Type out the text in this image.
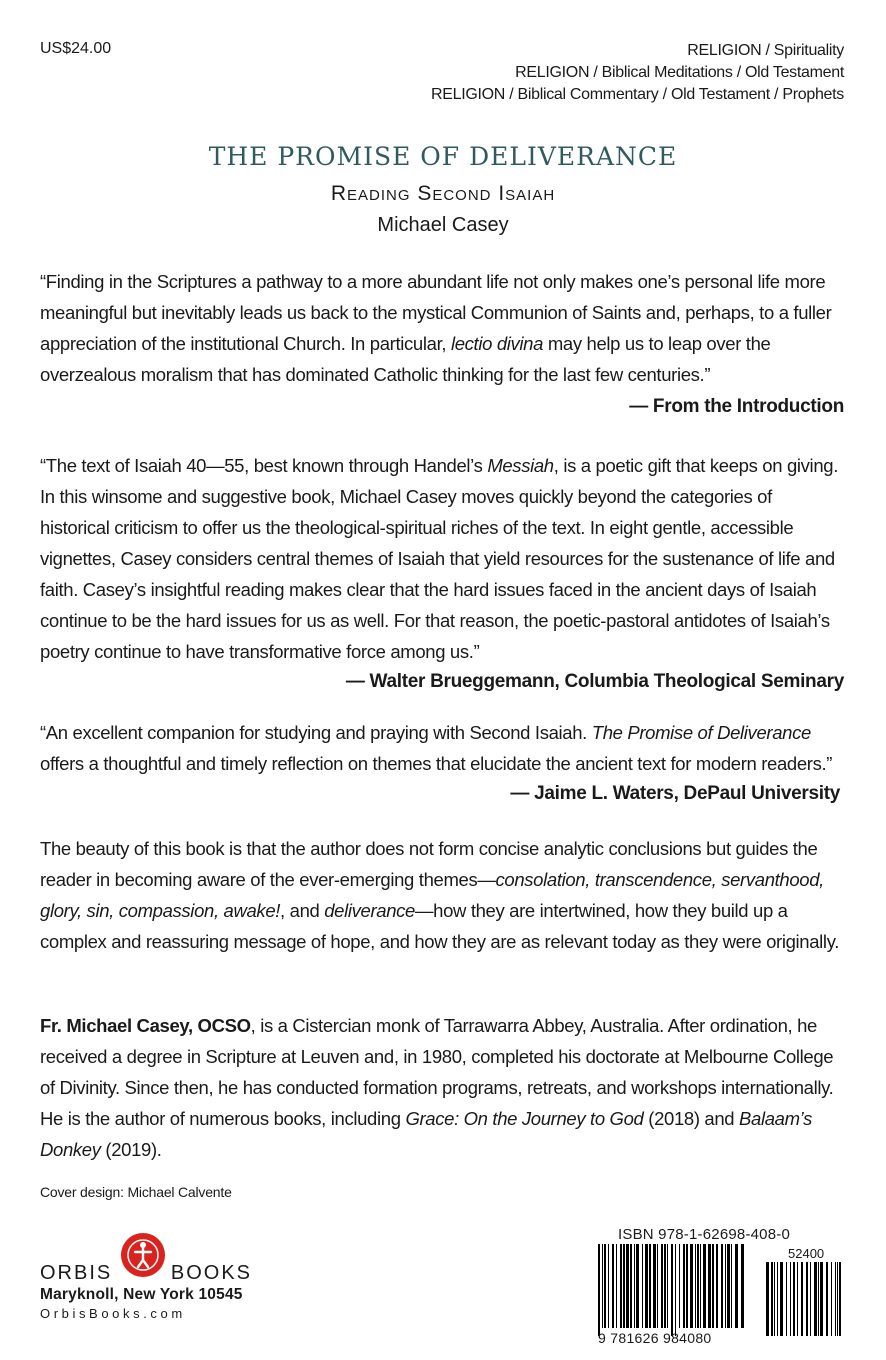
US$24.00	RELIGION / Spirituality
RELIGION / Biblical Meditations / Old Testament
RELIGION / Biblical Commentary / Old Testament / Prophets
THE PROMISE OF DELIVERANCE
Reading Second Isaiah
Michael Casey
“Finding in the Scriptures a pathway to a more abundant life not only makes one’s personal life more meaningful but inevitably leads us back to the mystical Communion of Saints and, perhaps, to a fuller appreciation of the institutional Church. In particular, lectio divina may help us to leap over the overzealous moralism that has dominated Catholic thinking for the last few centuries.”
— From the Introduction
“The text of Isaiah 40—55, best known through Handel’s Messiah, is a poetic gift that keeps on giving. In this winsome and suggestive book, Michael Casey moves quickly beyond the categories of historical criticism to offer us the theological-spiritual riches of the text. In eight gentle, accessible vignettes, Casey considers central themes of Isaiah that yield resources for the sustenance of life and faith. Casey’s insightful reading makes clear that the hard issues faced in the ancient days of Isaiah continue to be the hard issues for us as well. For that reason, the poetic-pastoral antidotes of Isaiah’s poetry continue to have transformative force among us.”
— Walter Brueggemann, Columbia Theological Seminary
“An excellent companion for studying and praying with Second Isaiah. The Promise of Deliverance offers a thoughtful and timely reflection on themes that elucidate the ancient text for modern readers.”
— Jaime L. Waters, DePaul University
The beauty of this book is that the author does not form concise analytic conclusions but guides the reader in becoming aware of the ever-emerging themes—consolation, transcendence, servanthood, glory, sin, compassion, awake!, and deliverance—how they are intertwined, how they build up a complex and reassuring message of hope, and how they are as relevant today as they were originally.
Fr. Michael Casey, OCSO, is a Cistercian monk of Tarrawarra Abbey, Australia. After ordination, he received a degree in Scripture at Leuven and, in 1980, completed his doctorate at Melbourne College of Divinity. Since then, he has conducted formation programs, retreats, and workshops internationally. He is the author of numerous books, including Grace: On the Journey to God (2018) and Balaam’s Donkey (2019).
Cover design: Michael Calvente
ORBIS	BOOKS
Maryknoll, New York 10545
OrbisBooks.com
ISBN 978-1-62698-408-0
52400
9 781626 984080
